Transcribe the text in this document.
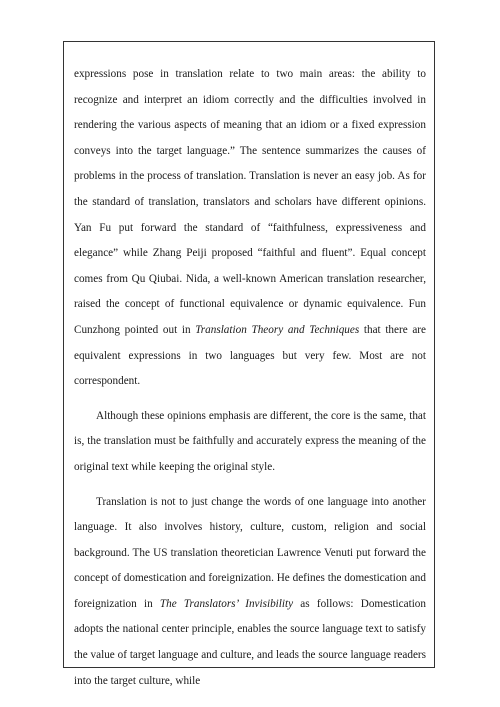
expressions pose in translation relate to two main areas: the ability to recognize and interpret an idiom correctly and the difficulties involved in rendering the various aspects of meaning that an idiom or a fixed expression conveys into the target language.” The sentence summarizes the causes of problems in the process of translation. Translation is never an easy job. As for the standard of translation, translators and scholars have different opinions. Yan Fu put forward the standard of “faithfulness, expressiveness and elegance” while Zhang Peiji proposed “faithful and fluent”. Equal concept comes from Qu Qiubai. Nida, a well-known American translation researcher, raised the concept of functional equivalence or dynamic equivalence. Fun Cunzhong pointed out in Translation Theory and Techniques that there are equivalent expressions in two languages but very few. Most are not correspondent.

Although these opinions emphasis are different, the core is the same, that is, the translation must be faithfully and accurately express the meaning of the original text while keeping the original style.

Translation is not to just change the words of one language into another language. It also involves history, culture, custom, religion and social background. The US translation theoretician Lawrence Venuti put forward the concept of domestication and foreignization. He defines the domestication and foreignization in The Translators’ Invisibility as follows: Domestication adopts the national center principle, enables the source language text to satisfy the value of target language and culture, and leads the source language readers into the target culture, while
